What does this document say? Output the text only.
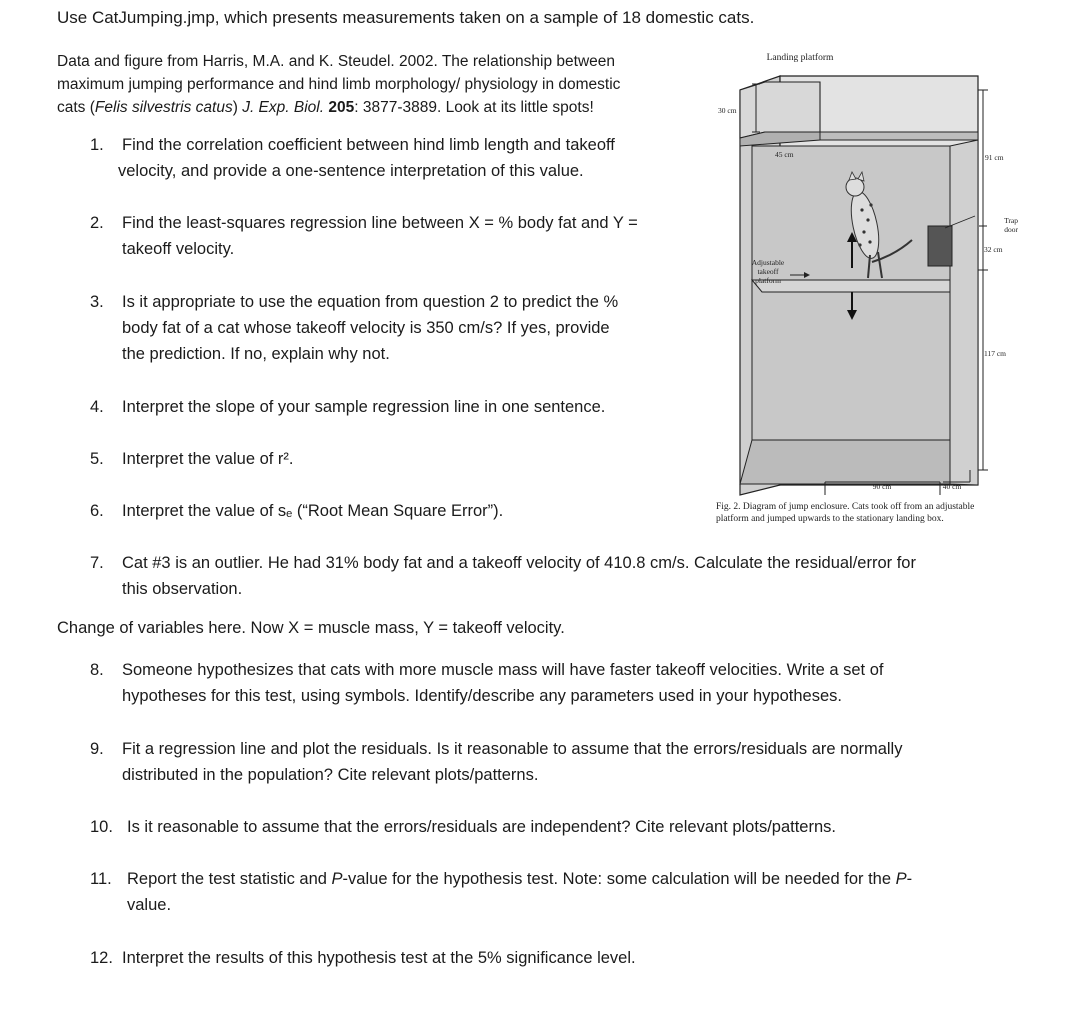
Use CatJumping.jmp, which presents measurements taken on a sample of 18 domestic cats.
Data and figure from Harris, M.A. and K. Steudel. 2002. The relationship between
maximum jumping performance and hind limb morphology/ physiology in domestic
cats (Felis silvestris catus) J. Exp. Biol. 205: 3877-3889. Look at its little spots!
1. Find the correlation coefficient between hind limb length and takeoff
velocity, and provide a one-sentence interpretation of this value.
2. Find the least-squares regression line between X = % body fat and Y =
takeoff velocity.
3. Is it appropriate to use the equation from question 2 to predict the %
body fat of a cat whose takeoff velocity is 350 cm/s? If yes, provide
the prediction. If no, explain why not.
4. Interpret the slope of your sample regression line in one sentence.
5. Interpret the value of r².
6. Interpret the value of sₑ (“Root Mean Square Error”).
7. Cat #3 is an outlier. He had 31% body fat and a takeoff velocity of 410.8 cm/s. Calculate the residual/error for
this observation.
Change of variables here. Now X = muscle mass, Y = takeoff velocity.
8. Someone hypothesizes that cats with more muscle mass will have faster takeoff velocities. Write a set of
hypotheses for this test, using symbols. Identify/describe any parameters used in your hypotheses.
9. Fit a regression line and plot the residuals. Is it reasonable to assume that the errors/residuals are normally
distributed in the population? Cite relevant plots/patterns.
10. Is it reasonable to assume that the errors/residuals are independent? Cite relevant plots/patterns.
11. Report the test statistic and P-value for the hypothesis test. Note: some calculation will be needed for the P-
value.
12. Interpret the results of this hypothesis test at the 5% significance level.
Landing platform
30 cm
45 cm	91 cm
Trap
door
32 cm
Adjustable
takeoff
platform
117 cm
90 cm	40 cm
Fig. 2. Diagram of jump enclosure. Cats took off from an adjustable
platform and jumped upwards to the stationary landing box.
